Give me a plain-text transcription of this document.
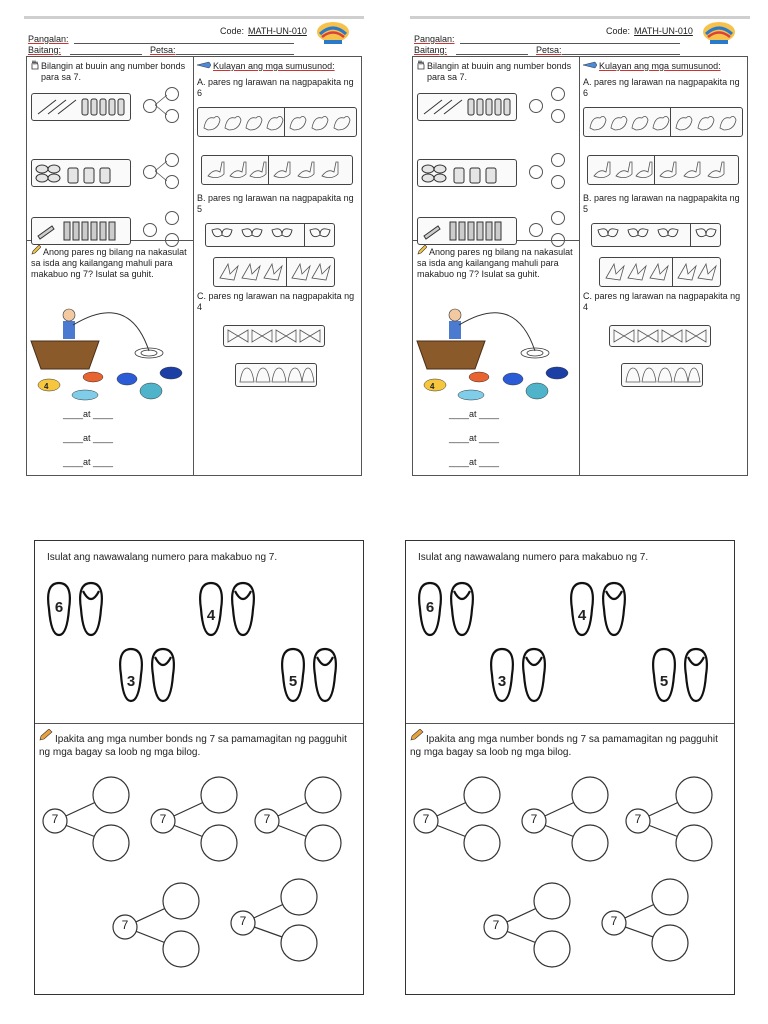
Code: MATH-UN-010
Pangalan:
Baitang:	Petsa:
Bilangin at buuin ang number bonds para sa 7.
Anong pares ng bilang na nakasulat sa isda ang kailangang mahuli para makabuo ng 7? Isulat sa guhit.
4
____at ____
____at ____
____at ____
Kulayan ang mga sumusunod:
A. pares ng larawan na nagpapakita ng 6
B. pares ng larawan na nagpapakita ng 5
C. pares ng larawan na nagpapakita ng 4
Code: MATH-UN-010
Pangalan:
Baitang:	Petsa:
Bilangin at buuin ang number bonds para sa 7.
Anong pares ng bilang na nakasulat sa isda ang kailangang mahuli para makabuo ng 7? Isulat sa guhit.
4
____at ____
____at ____
____at ____
Kulayan ang mga sumusunod:
A. pares ng larawan na nagpapakita ng 6
B. pares ng larawan na nagpapakita ng 5
C. pares ng larawan na nagpapakita ng 4
Isulat ang nawawalang numero para makabuo ng 7.
6	4
3	5
Ipakita ang mga number bonds ng 7 sa pamamagitan ng pagguhit ng mga bagay sa loob ng mga bilog.
7	7	7
7	7
Isulat ang nawawalang numero para makabuo ng 7.
6	4
3	5
Ipakita ang mga number bonds ng 7 sa pamamagitan ng pagguhit ng mga bagay sa loob ng mga bilog.
7	7	7
7	7
